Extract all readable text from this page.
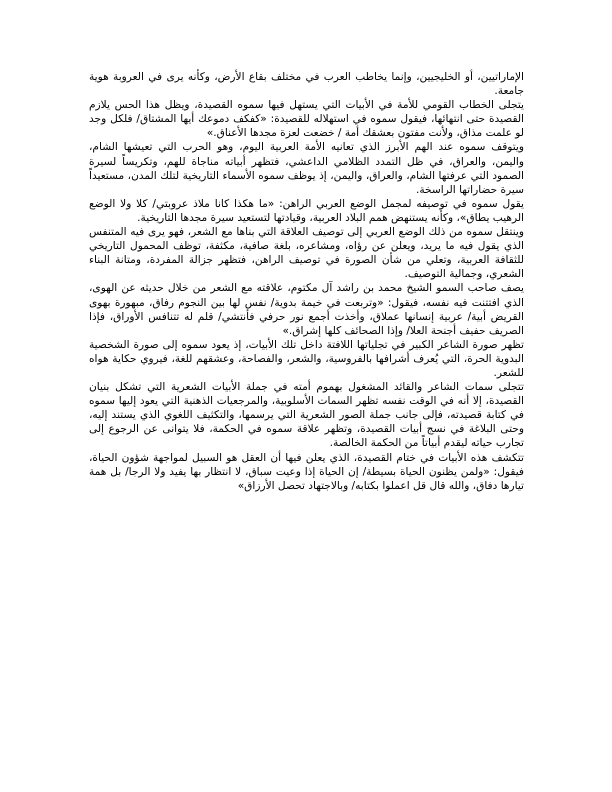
الإماراتيين، أو الخليجيين، وإنما يخاطب العرب في مختلف بقاع الأرض، وكأنه يرى في العروبة هوية جامعة.

يتجلى الخطاب القومي للأمة في الأبيات التي يستهل فيها سموه القصيدة، ويظل هذا الحس يلازم القصيدة حتى انتهائها، فيقول سموه في استهلاله للقصيدة: «كفكف دموعك أيها المشتاق/ فلكل وجد لو علمت مذاق، ولأنت مفتون بعشقك أمة / خضعت لعزة مجدها الأعناق.»

ويتوقف سموه عند الهم الأبرز الذي تعانيه الأمة العربية اليوم، وهو الحرب التي تعيشها الشام، واليمن، والعراق، في ظل التمدد الظلامي الداعشي، فتظهر أبياته مناجاة للهم، وتكريساً لسيرة الصمود التي عرفتها الشام، والعراق، واليمن، إذ يوظف سموه الأسماء التاريخية لتلك المدن، مستعيداً سيرة حضاراتها الراسخة.

يقول سموه في توصيفه لمجمل الوضع العربي الراهن: «ما هكذا كانا ملاذ عروبتي/ كلا ولا الوضع الرهيب يطاق»، وكأنه يستنهض همم البلاد العربية، وقيادتها لتستعيد سيرة مجدها التاريخية.

وينتقل سموه من ذلك الوضع العربي إلى توصيف العلاقة التي بناها مع الشعر، فهو يرى فيه المتنفس الذي يقول فيه ما يريد، ويعلن عن رؤاه، ومشاعره، بلغة صافية، مكثفة، توظف المحمول التاريخي للثقافة العربية، وتعلي من شأن الصورة في توصيف الراهن، فتظهر جزالة المفردة، ومتانة البناء الشعري، وجمالية التوصيف.

يصف صاحب السمو الشيخ محمد بن راشد آل مكتوم، علاقته مع الشعر من خلال حديثه عن الهوى، الذي افتتنت فيه نفسه، فيقول: «وتربعت في خيمة بدوية/ نفس لها بين النجوم رفاق، مبهورة بهوى القريض أبية/ عربية إنسانها عملاق، وأخذت أجمع نور حرفي فأنتشي/ قلم له تتنافس الأوراق، فإذا الصريف حفيف أجنحة العلا/ وإذا الصحائف كلها إشراق.»

تظهر صورة الشاعر الكبير في تجلياتها اللافتة داخل تلك الأبيات، إذ يعود سموه إلى صورة الشخصية البدوية الحرة، التي يُعرف أشرافها بالفروسية، والشعر، والفصاحة، وعشقهم للغة، فيروي حكاية هواه للشعر.

تتجلى سمات الشاعر والقائد المشغول بهموم أمته في جملة الأبيات الشعرية التي تشكل بنيان القصيدة، إلا أنه في الوقت نفسه تظهر السمات الأسلوبية، والمرجعيات الذهنية التي يعود إليها سموه في كتابة قصيدته، فإلى جانب جملة الصور الشعرية التي يرسمها، والتكثيف اللغوي الذي يستند إليه، وحتى البلاغة في نسج أبيات القصيدة، وتظهر علاقة سموه في الحكمة، فلا يتوانى عن الرجوع إلى تجارب حياته ليقدم أبياتاً من الحكمة الخالصة.

تتكشف هذه الأبيات في ختام القصيدة، الذي يعلن فيها أن العقل هو السبيل لمواجهة شؤون الحياة، فيقول: «ولمن يظنون الحياة بسيطة/ إن الحياة إذا وعيت سباق، لا انتظار بها يفيد ولا الرجا/ بل همة تيارها دفاق، والله قال قل اعملوا بكتابه/ وبالاجتهاد تحصل الأرزاق»
